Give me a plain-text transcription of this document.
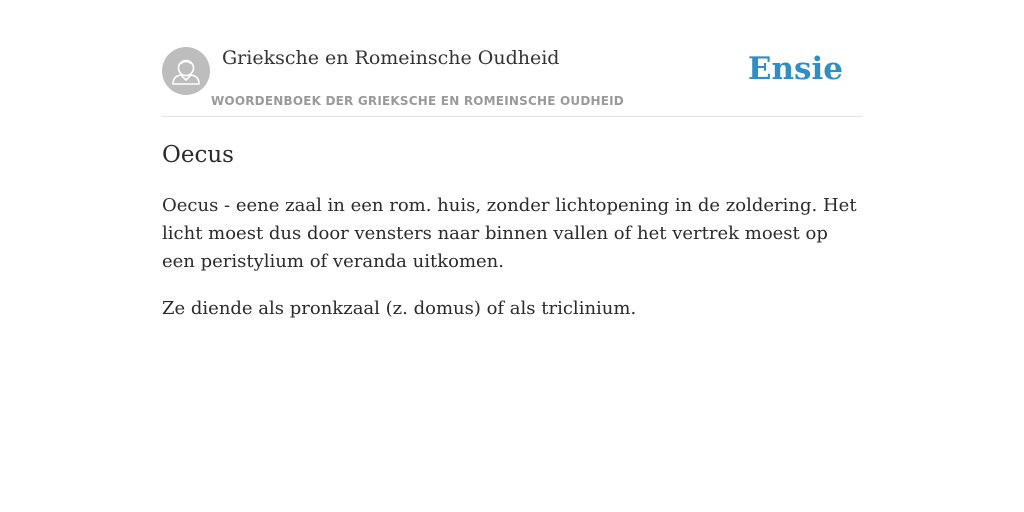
Grieksche en Romeinsche Oudheid
WOORDENBOEK DER GRIEKSCHE EN ROMEINSCHE OUDHEID
Ensie
Oecus

Oecus - eene zaal in een rom. huis, zonder lichtopening in de zoldering. Het licht moest dus door vensters naar binnen vallen of het vertrek moest op een peristylium of veranda uitkomen.

Ze diende als pronkzaal (z. domus) of als triclinium.
